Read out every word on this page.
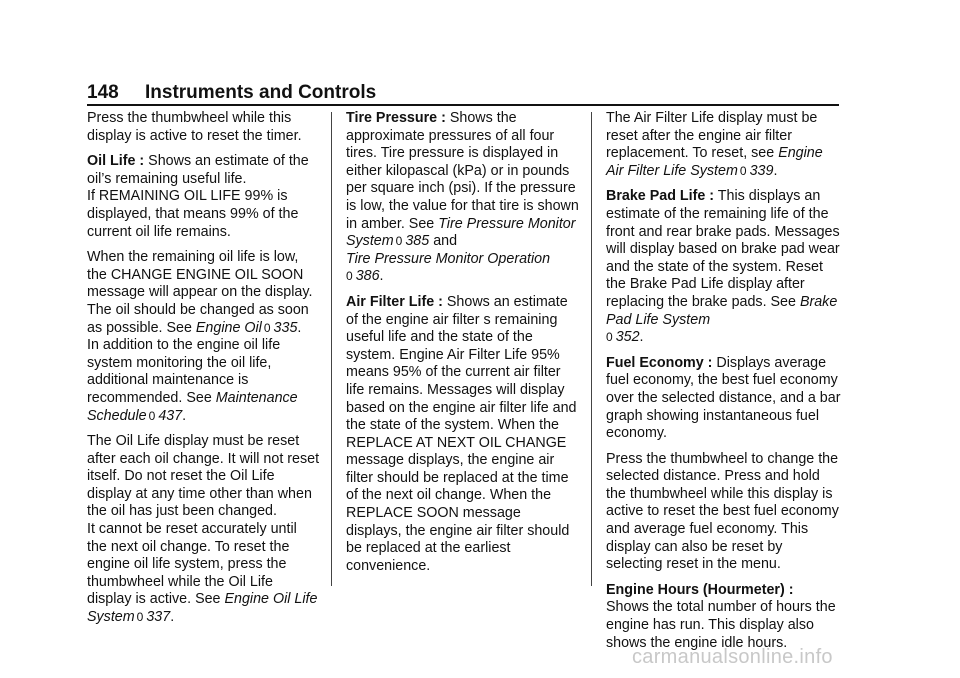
148 Instruments and Controls

Press the thumbwheel while this display is active to reset the timer.

Oil Life : Shows an estimate of the oil’s remaining useful life.

If REMAINING OIL LIFE 99% is displayed, that means 99% of the current oil life remains.

When the remaining oil life is low, the CHANGE ENGINE OIL SOON message will appear on the display. The oil should be changed as soon as possible. See Engine Oil 0 335.

In addition to the engine oil life system monitoring the oil life, additional maintenance is recommended. See Maintenance Schedule 0 437.

The Oil Life display must be reset after each oil change. It will not reset itself. Do not reset the Oil Life display at any time other than when the oil has just been changed.

It cannot be reset accurately until the next oil change. To reset the engine oil life system, press the thumbwheel while the Oil Life display is active. See Engine Oil Life System 0 337.

Tire Pressure : Shows the approximate pressures of all four tires. Tire pressure is displayed in either kilopascal (kPa) or in pounds per square inch (psi). If the pressure is low, the value for that tire is shown in amber. See Tire Pressure Monitor System 0 385 and
Tire Pressure Monitor Operation
0 386.

Air Filter Life : Shows an estimate of the engine air filter s remaining useful life and the state of the system. Engine Air Filter Life 95% means 95% of the current air filter life remains. Messages will display based on the engine air filter life and the state of the system. When the REPLACE AT NEXT OIL CHANGE message displays, the engine air filter should be replaced at the time of the next oil change. When the REPLACE SOON message displays, the engine air filter should be replaced at the earliest convenience.

The Air Filter Life display must be reset after the engine air filter replacement. To reset, see Engine Air Filter Life System 0 339.

Brake Pad Life : This displays an estimate of the remaining life of the front and rear brake pads. Messages will display based on brake pad wear and the state of the system. Reset the Brake Pad Life display after replacing the brake pads. See Brake Pad Life System
0 352.

Fuel Economy : Displays average fuel economy, the best fuel economy over the selected distance, and a bar graph showing instantaneous fuel economy.

Press the thumbwheel to change the selected distance. Press and hold the thumbwheel while this display is active to reset the best fuel economy and average fuel economy. This display can also be reset by selecting reset in the menu.

Engine Hours (Hourmeter) :
Shows the total number of hours the engine has run. This display also shows the engine idle hours.

carmanualsonline.info
